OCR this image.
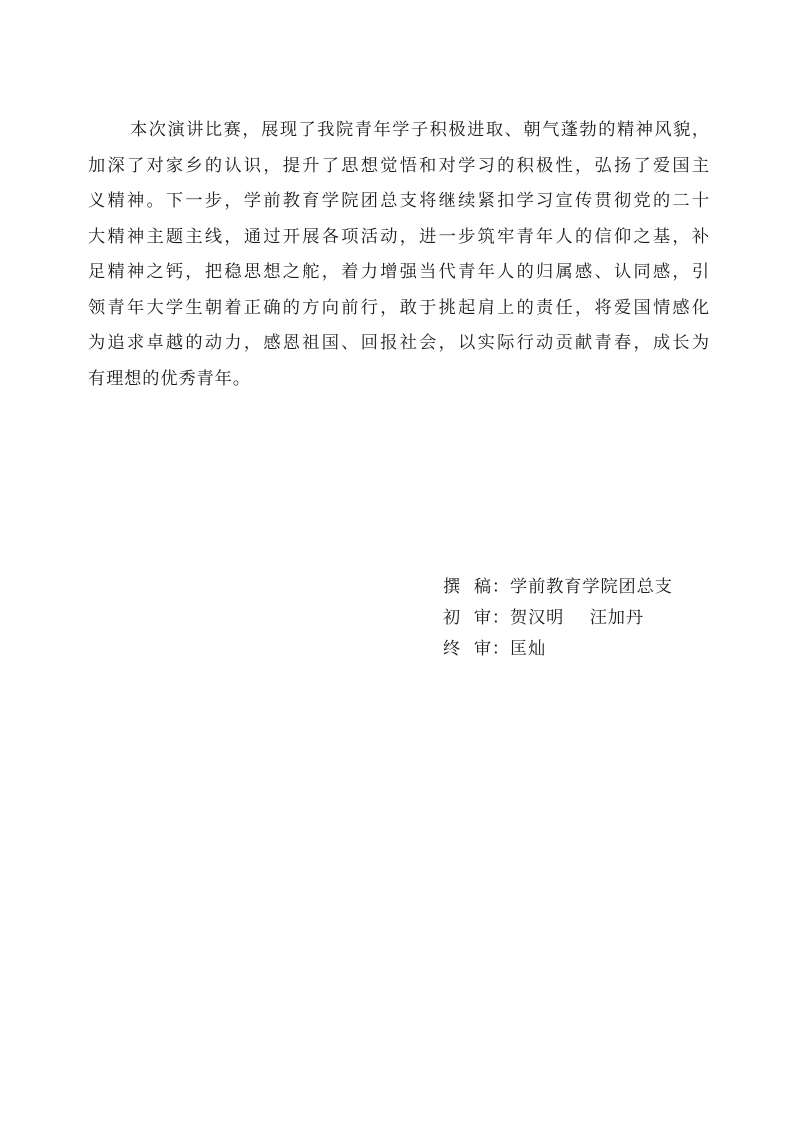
本次演讲比赛，展现了我院青年学子积极进取、朝气蓬勃的精神风貌，
加深了对家乡的认识，提升了思想觉悟和对学习的积极性，弘扬了爱国主
义精神。下一步，学前教育学院团总支将继续紧扣学习宣传贯彻党的二十
大精神主题主线，通过开展各项活动，进一步筑牢青年人的信仰之基，补
足精神之钙，把稳思想之舵，着力增强当代青年人的归属感、认同感，引
领青年大学生朝着正确的方向前行，敢于挑起肩上的责任，将爱国情感化
为追求卓越的动力，感恩祖国、回报社会，以实际行动贡献青春，成长为
有理想的优秀青年。
撰  稿：学前教育学院团总支
初  审：贺汉明    汪加丹
终  审：匡灿
